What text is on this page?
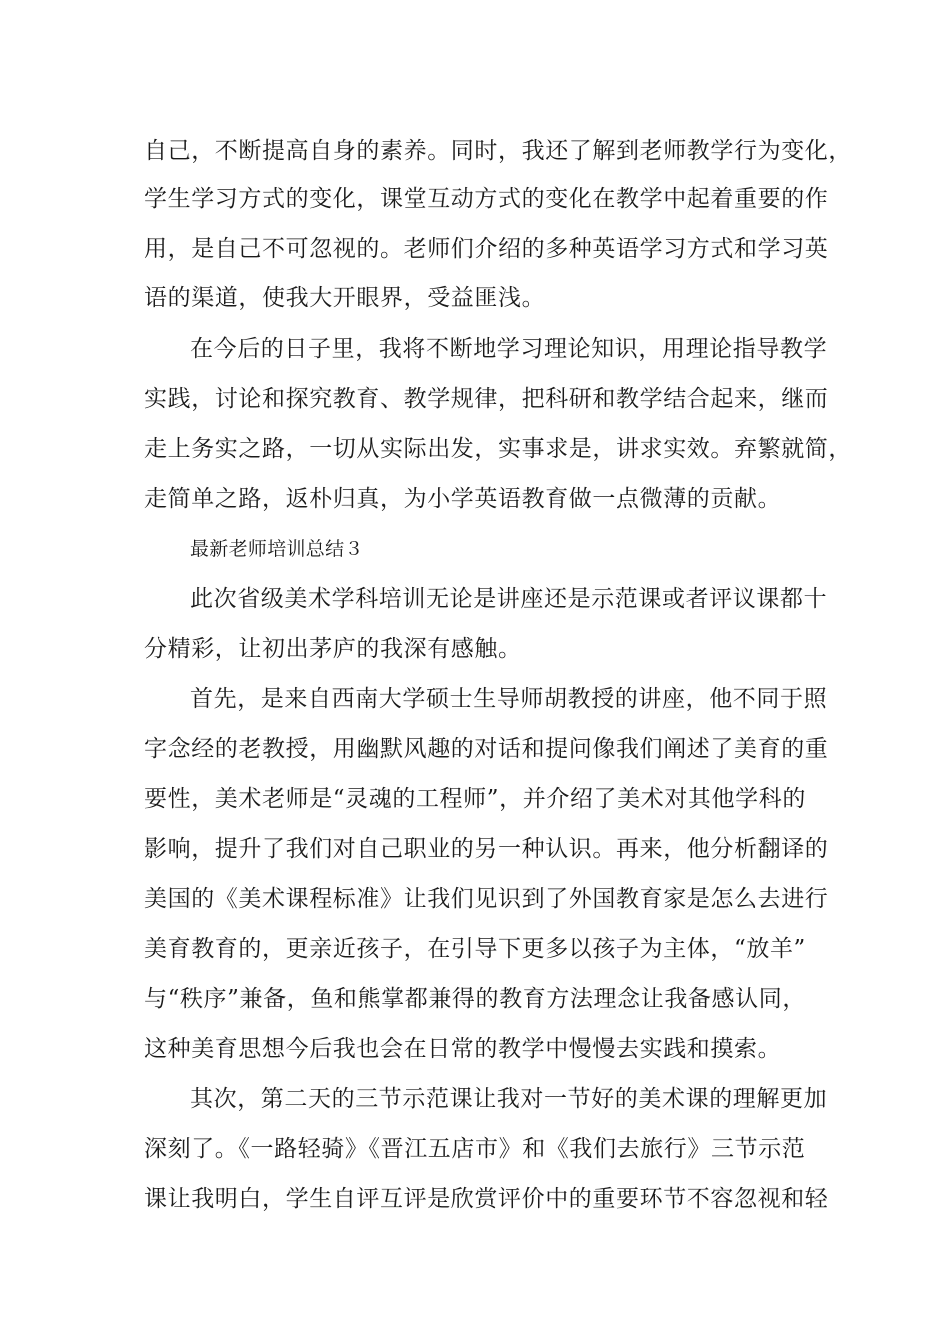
自己，不断提高自身的素养。同时，我还了解到老师教学行为变化，
学生学习方式的变化，课堂互动方式的变化在教学中起着重要的作
用，是自己不可忽视的。老师们介绍的多种英语学习方式和学习英
语的渠道，使我大开眼界，受益匪浅。
在今后的日子里，我将不断地学习理论知识，用理论指导教学
实践，讨论和探究教育、教学规律，把科研和教学结合起来，继而
走上务实之路，一切从实际出发，实事求是，讲求实效。弃繁就简，
走简单之路，返朴归真，为小学英语教育做一点微薄的贡献。
最新老师培训总结３
此次省级美术学科培训无论是讲座还是示范课或者评议课都十
分精彩，让初出茅庐的我深有感触。
首先，是来自西南大学硕士生导师胡教授的讲座，他不同于照
字念经的老教授，用幽默风趣的对话和提问像我们阐述了美育的重
要性，美术老师是“灵魂的工程师”，并介绍了美术对其他学科的
影响，提升了我们对自己职业的另一种认识。再来，他分析翻译的
美国的《美术课程标准》让我们见识到了外国教育家是怎么去进行
美育教育的，更亲近孩子，在引导下更多以孩子为主体，“放羊”
与“秩序”兼备，鱼和熊掌都兼得的教育方法理念让我备感认同，
这种美育思想今后我也会在日常的教学中慢慢去实践和摸索。
其次，第二天的三节示范课让我对一节好的美术课的理解更加
深刻了。《一路轻骑》《晋江五店市》和《我们去旅行》三节示范
课让我明白，学生自评互评是欣赏评价中的重要环节不容忽视和轻
